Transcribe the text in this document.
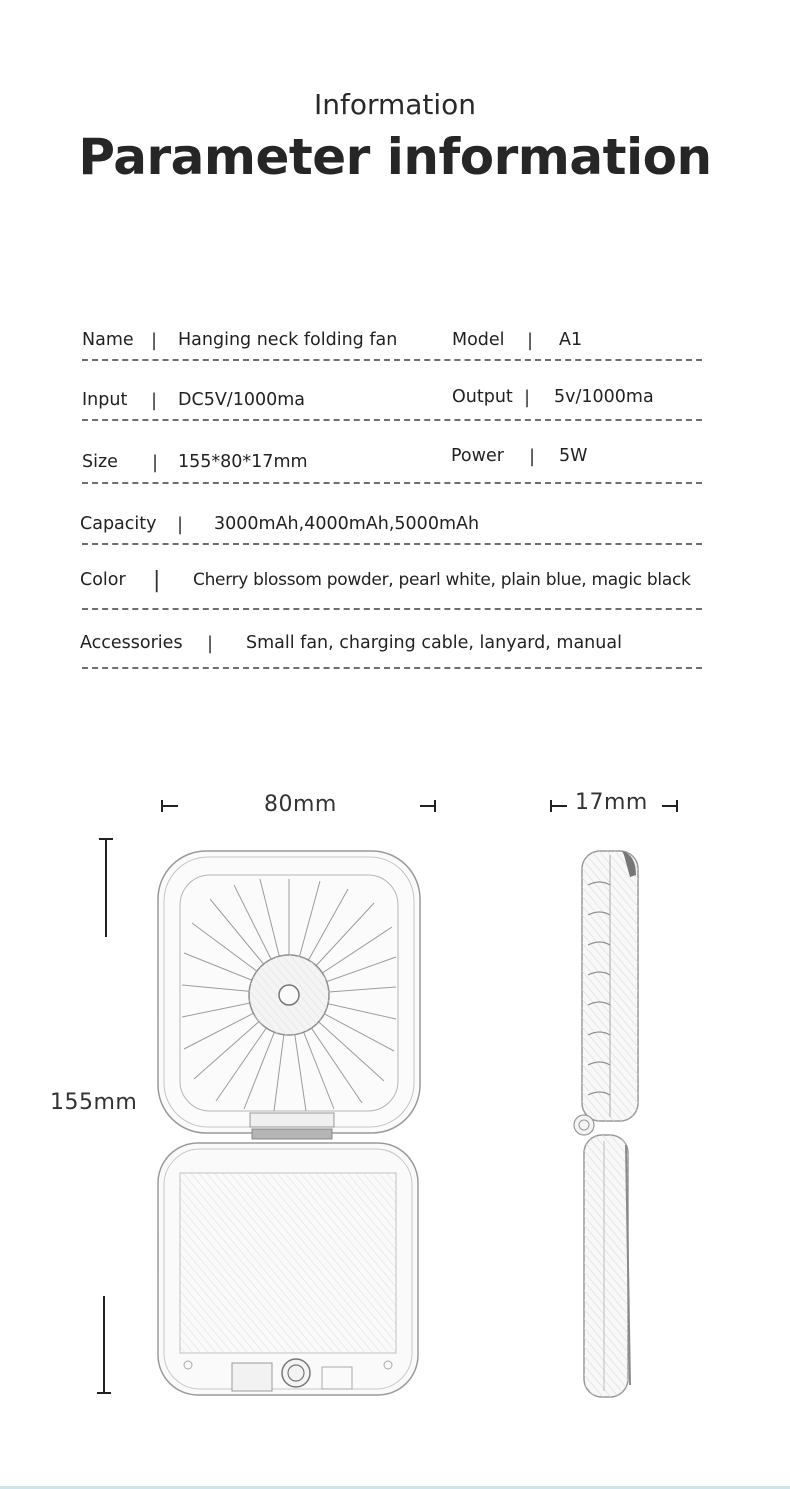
Information
Parameter information
Name | Hanging neck folding fan	Model | A1
Input | DC5V/1000ma	Output | 5v/1000ma
Size | 155*80*17mm	Power | 5W
Capacity | 3000mAh,4000mAh,5000mAh
Color | Cherry blossom powder, pearl white, plain blue, magic black
Accessories | Small fan, charging cable, lanyard, manual
80mm	17mm
155mm
